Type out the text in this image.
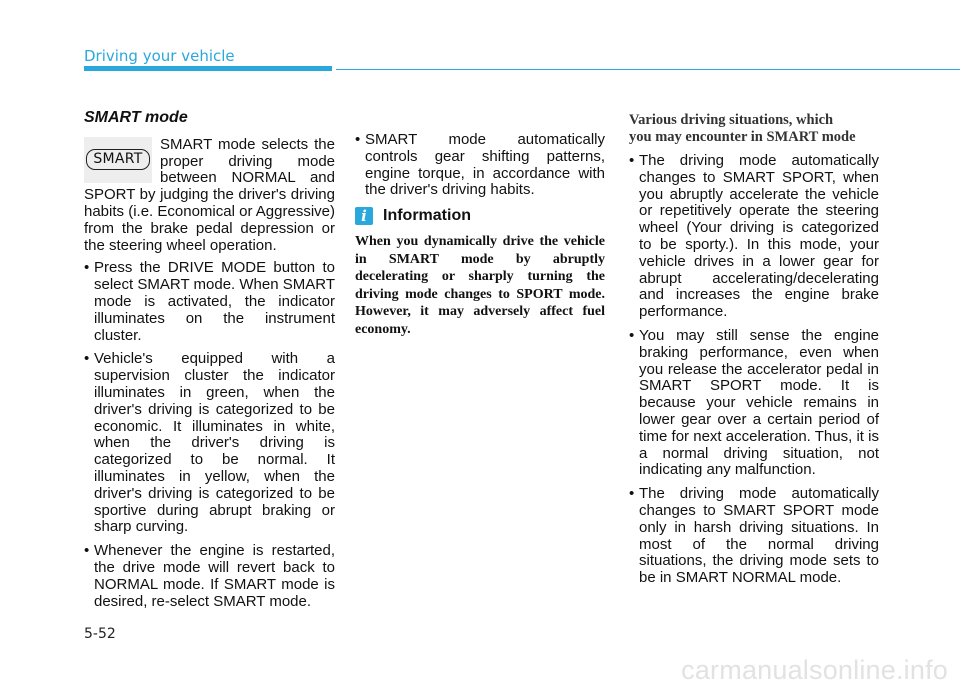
Driving your vehicle
SMART mode
SMART

SMART mode selects the proper driving mode between NORMAL and SPORT by judging the driver's driving habits (i.e. Economical or Aggressive) from the brake pedal depression or the steering wheel operation.

• Press the DRIVE MODE button to select SMART mode. When SMART mode is activated, the indicator illuminates on the instrument cluster.
• Vehicle's equipped with a supervision cluster the indicator illuminates in green, when the driver's driving is categorized to be economic. It illuminates in white, when the driver's driving is categorized to be normal. It illuminates in yellow, when the driver's driving is categorized to be sportive during abrupt braking or sharp curving.
• Whenever the engine is restarted, the drive mode will revert back to NORMAL mode. If SMART mode is desired, re-select SMART mode.
• SMART mode automatically controls gear shifting patterns, engine torque, in accordance with the driver's driving habits.
i	Information

When you dynamically drive the vehicle in SMART mode by abruptly decelerating or sharply turning the driving mode changes to SPORT mode. However, it may adversely affect fuel economy.

Various driving situations, which you may encounter in SMART mode
• The driving mode automatically changes to SMART SPORT, when you abruptly accelerate the vehicle or repetitively operate the steering wheel (Your driving is categorized to be sporty.). In this mode, your vehicle drives in a lower gear for abrupt accelerating/decelerating and increases the engine brake performance.
• You may still sense the engine braking performance, even when you release the accelerator pedal in SMART SPORT mode. It is because your vehicle remains in lower gear over a certain period of time for next acceleration. Thus, it is a normal driving situation, not indicating any malfunction.
• The driving mode automatically changes to SMART SPORT mode only in harsh driving situations. In most of the normal driving situations, the driving mode sets to be in SMART NORMAL mode.
5-52
carmanualsonline.info
